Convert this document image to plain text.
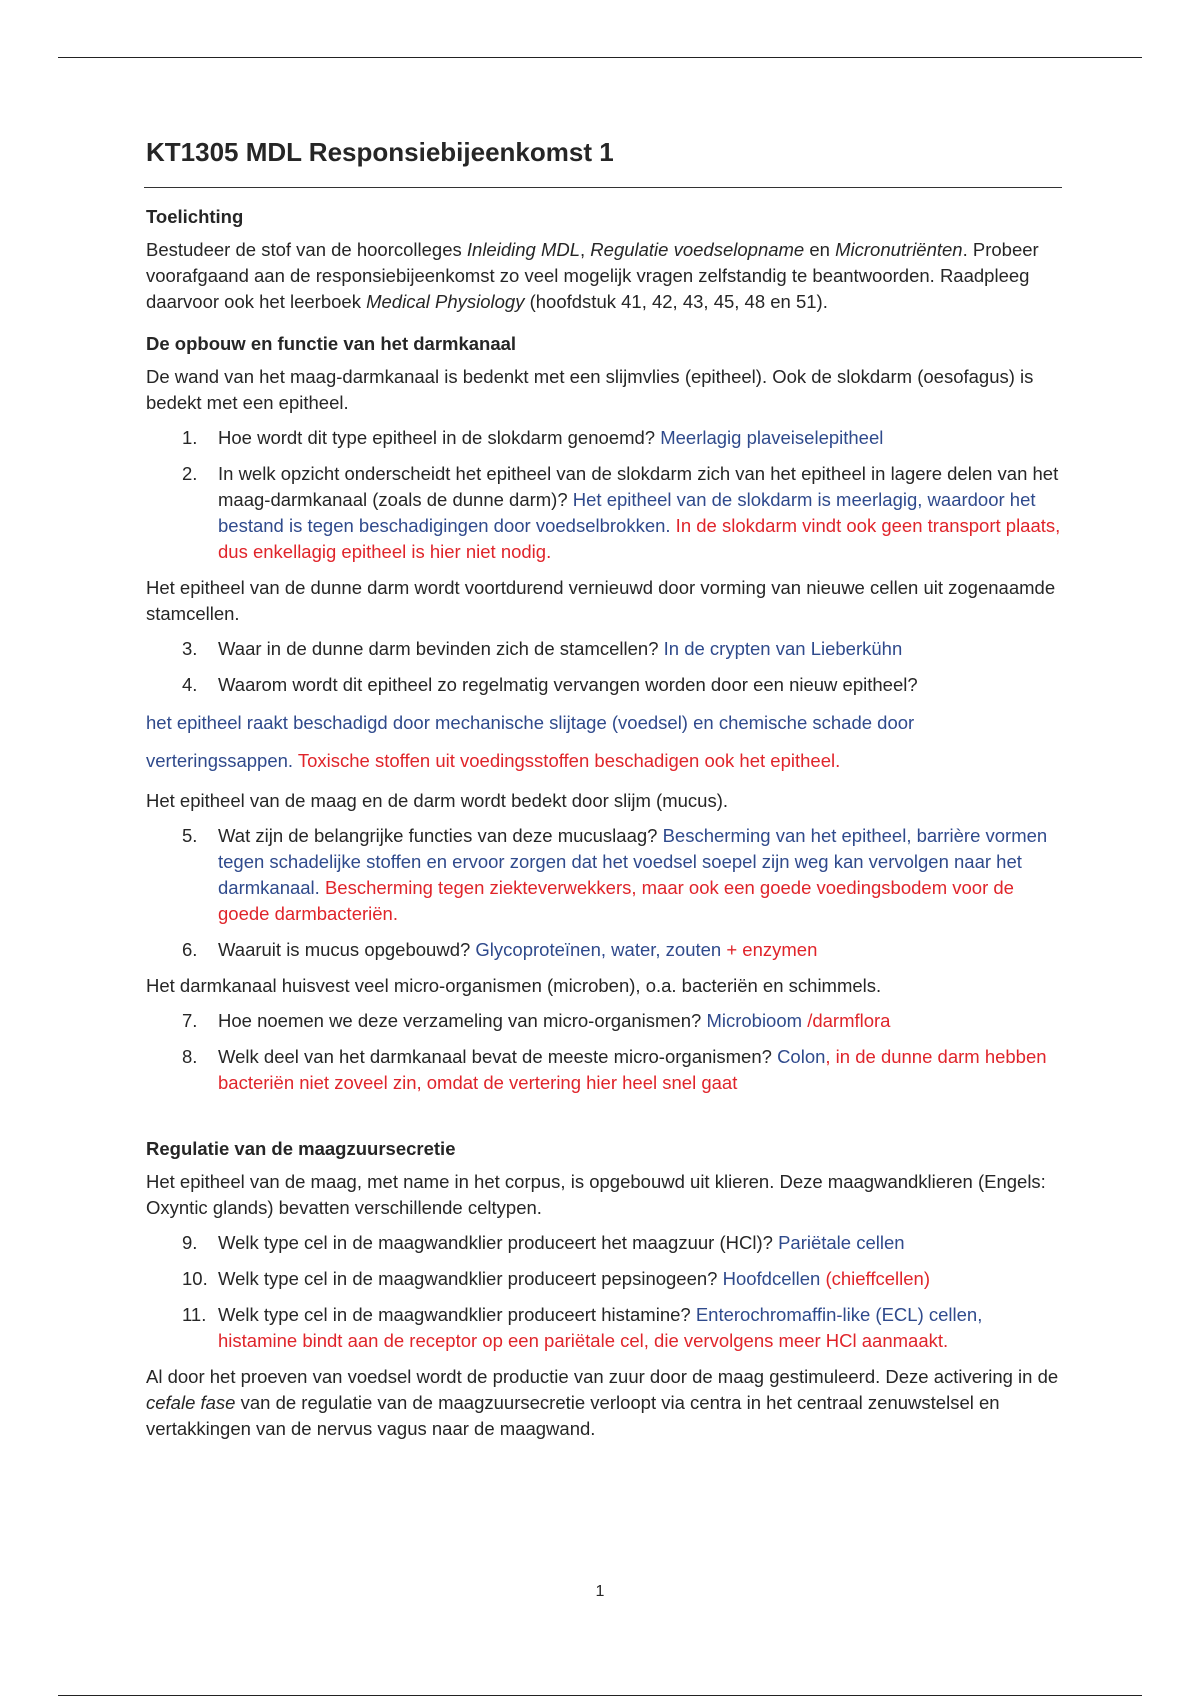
KT1305 MDL Responsiebijeenkomst 1
Toelichting

Bestudeer de stof van de hoorcolleges Inleiding MDL, Regulatie voedselopname en Micronutriënten. Probeer voorafgaand aan de responsiebijeenkomst zo veel mogelijk vragen zelfstandig te beantwoorden. Raadpleeg daarvoor ook het leerboek Medical Physiology (hoofdstuk 41, 42, 43, 45, 48 en 51).

De opbouw en functie van het darmkanaal

De wand van het maag-darmkanaal is bedenkt met een slijmvlies (epitheel). Ook de slokdarm (oesofagus) is bedekt met een epitheel.

1.	Hoe wordt dit type epitheel in de slokdarm genoemd? Meerlagig plaveiselepitheel
2.	In welk opzicht onderscheidt het epitheel van de slokdarm zich van het epitheel in lagere delen van het maag-darmkanaal (zoals de dunne darm)? Het epitheel van de slokdarm is meerlagig, waardoor het bestand is tegen beschadigingen door voedselbrokken. In de slokdarm vindt ook geen transport plaats, dus enkellagig epitheel is hier niet nodig.

Het epitheel van de dunne darm wordt voortdurend vernieuwd door vorming van nieuwe cellen uit zogenaamde stamcellen.

3.	Waar in de dunne darm bevinden zich de stamcellen? In de crypten van Lieberkühn
4.	Waarom wordt dit epitheel zo regelmatig vervangen worden door een nieuw epitheel?

het epitheel raakt beschadigd door mechanische slijtage (voedsel) en chemische schade door verteringssappen. Toxische stoffen uit voedingsstoffen beschadigen ook het epitheel.

Het epitheel van de maag en de darm wordt bedekt door slijm (mucus).

5.	Wat zijn de belangrijke functies van deze mucuslaag? Bescherming van het epitheel, barrière vormen tegen schadelijke stoffen en ervoor zorgen dat het voedsel soepel zijn weg kan vervolgen naar het darmkanaal. Bescherming tegen ziekteverwekkers, maar ook een goede voedingsbodem voor de goede darmbacteriën.
6.	Waaruit is mucus opgebouwd? Glycoproteïnen, water, zouten + enzymen

Het darmkanaal huisvest veel micro-organismen (microben), o.a. bacteriën en schimmels.

7.	Hoe noemen we deze verzameling van micro-organismen? Microbioom /darmflora
8.	Welk deel van het darmkanaal bevat de meeste micro-organismen? Colon, in de dunne darm hebben bacteriën niet zoveel zin, omdat de vertering hier heel snel gaat
Regulatie van de maagzuursecretie

Het epitheel van de maag, met name in het corpus, is opgebouwd uit klieren. Deze maagwandklieren (Engels: Oxyntic glands) bevatten verschillende celtypen.

9.	Welk type cel in de maagwandklier produceert het maagzuur (HCl)? Pariëtale cellen
10. Welk type cel in de maagwandklier produceert pepsinogeen? Hoofdcellen (chieffcellen)
11. Welk type cel in de maagwandklier produceert histamine? Enterochromaffin-like (ECL) cellen, histamine bindt aan de receptor op een pariëtale cel, die vervolgens meer HCl aanmaakt.

Al door het proeven van voedsel wordt de productie van zuur door de maag gestimuleerd. Deze activering in de cefale fase van de regulatie van de maagzuursecretie verloopt via centra in het centraal zenuwstelsel en vertakkingen van de nervus vagus naar de maagwand.

1
